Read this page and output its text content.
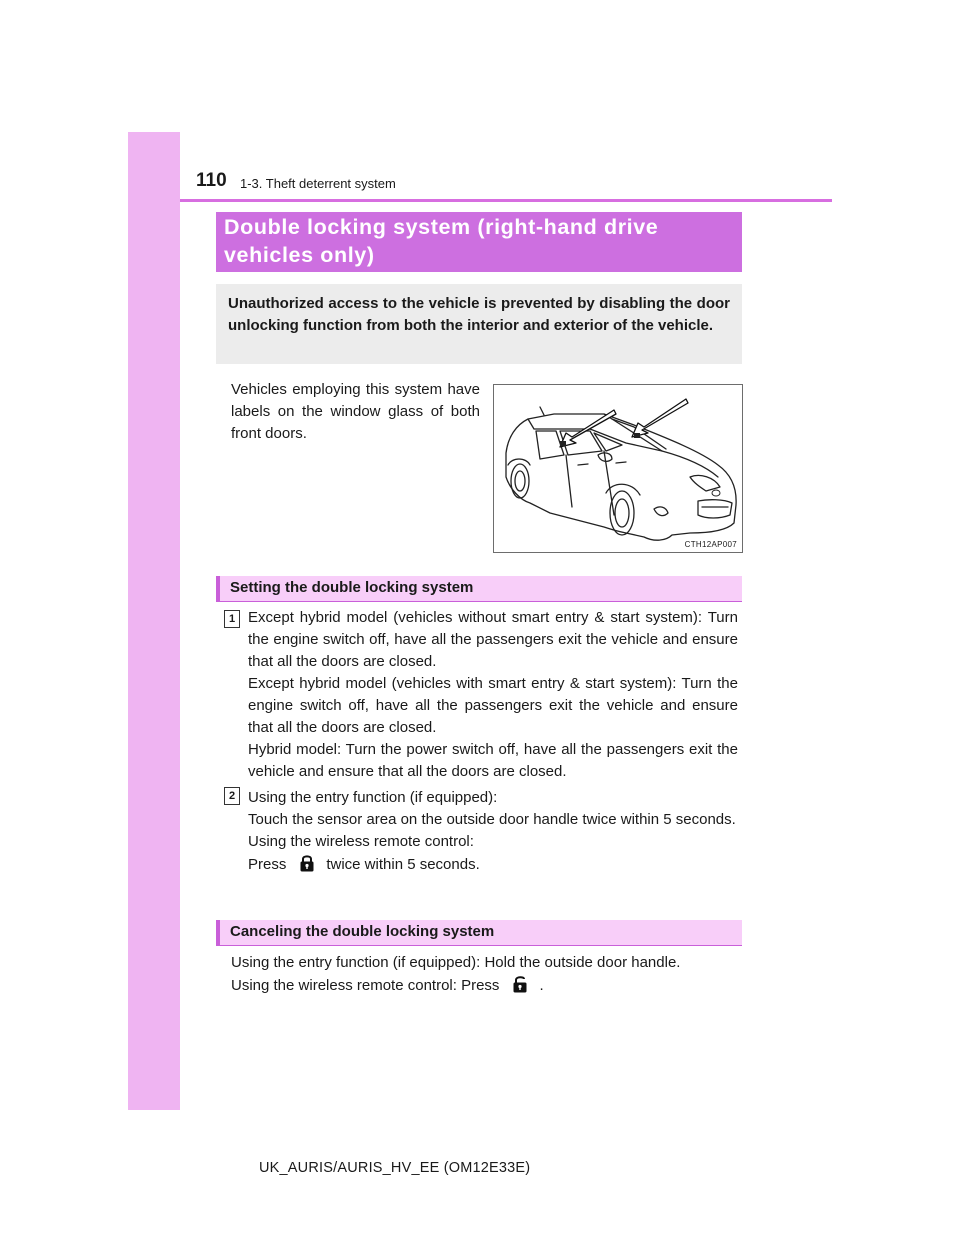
110 1-3. Theft deterrent system
Double locking system (right-hand drive
vehicles only)

Unauthorized access to the vehicle is prevented by disabling the door unlocking function from both the interior and exterior of the vehicle.

Vehicles employing this system have labels on the window glass of both front doors.

CTH12AP007
Setting the double locking system
1 Except hybrid model (vehicles without smart entry & start system): Turn the engine switch off, have all the passengers exit the vehicle and ensure that all the doors are closed.

Except hybrid model (vehicles with smart entry & start system): Turn the engine switch off, have all the passengers exit the vehicle and ensure that all the doors are closed.

Hybrid model: Turn the power switch off, have all the passengers exit the vehicle and ensure that all the doors are closed.

2 Using the entry function (if equipped):

Touch the sensor area on the outside door handle twice within 5 seconds.

Using the wireless remote control:

Press	twice within 5 seconds.

Canceling the double locking system

Using the entry function (if equipped): Hold the outside door handle.

Using the wireless remote control: Press	.

UK_AURIS/AURIS_HV_EE (OM12E33E)
